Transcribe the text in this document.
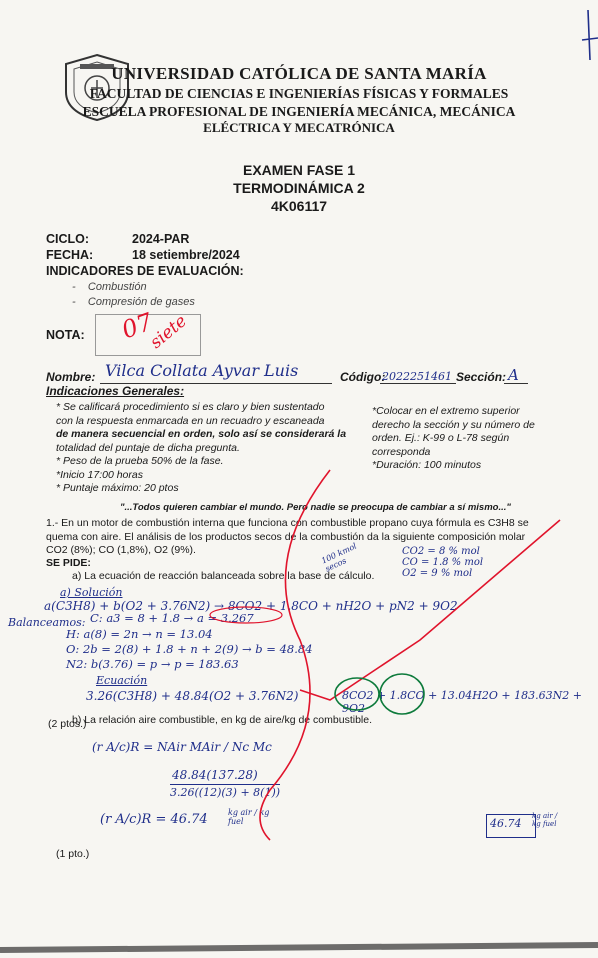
UNIVERSIDAD CATÓLICA DE SANTA MARÍA
FACULTAD DE CIENCIAS E INGENIERÍAS FÍSICAS Y FORMALES
ESCUELA PROFESIONAL DE INGENIERÍA MECÁNICA, MECÁNICA
ELÉCTRICA Y MECATRÓNICA
EXAMEN FASE 1
TERMODINÁMICA 2
4K06117
CICLO:	2024-PAR
FECHA:	18 setiembre/2024
INDICADORES DE EVALUACIÓN:
-    Combustión
-    Compresión de gases
NOTA: 07
siete
Nombre: Vilca Collata Ayvar Luis	Código:
2022251461 Sección: A
Indicaciones Generales:
* Se calificará procedimiento si es claro y bien sustentado
con la respuesta enmarcada en un recuadro y escaneada
de manera secuencial en orden, solo así se considerará la
totalidad del puntaje de dicha pregunta.
* Peso de la prueba 50% de la fase.
*Inicio 17:00 horas
* Puntaje máximo: 20 ptos
*Colocar en el extremo superior
derecho la sección y su número de
orden. Ej.: K-99 o L-78 según
corresponda
*Duración: 100 minutos
"...Todos quieren cambiar el mundo. Pero nadie se preocupa de cambiar a sí mismo..."
1.- En un motor de combustión interna que funciona con combustible propano cuya fórmula es C3H8 se
quema con aire. El análisis de los productos secos de la combustión da la siguiente composición molar
CO2 (8%); CO (1,8%), O2 (9%).
SE PIDE:
a) La ecuación de reacción balanceada sobre la base de cálculo.
CO2 = 8 % mol
CO = 1.8 % mol
O2 = 9 % mol
100 kmol secos
a) Solución
a(C3H8) + b(O2 + 3.76N2) → 8CO2 + 1.8CO + nH2O + pN2 + 9O2
Balanceamos: C: a3 = 8 + 1.8 → a = 3.267
H: a(8) = 2n → n = 13.04
O: 2b = 2(8) + 1.8 + n + 2(9) → b = 48.84
N2: b(3.76) = p → p = 183.63
Ecuación
3.26(C3H8) + 48.84(O2 + 3.76N2)	8CO2 + 1.8CO + 13.04H2O + 183.63N2 + 9O2
(2 ptos.)
b) La relación aire combustible, en kg de aire/kg de combustible.
(r A/c)R = NAir MAir / Nc Mc
48.84(137.28)
3.26((12)(3) + 8(1))
(r A/c)R = 46.74	kg air / kg fuel	46.74
kg air / kg fuel
(1 pto.)
